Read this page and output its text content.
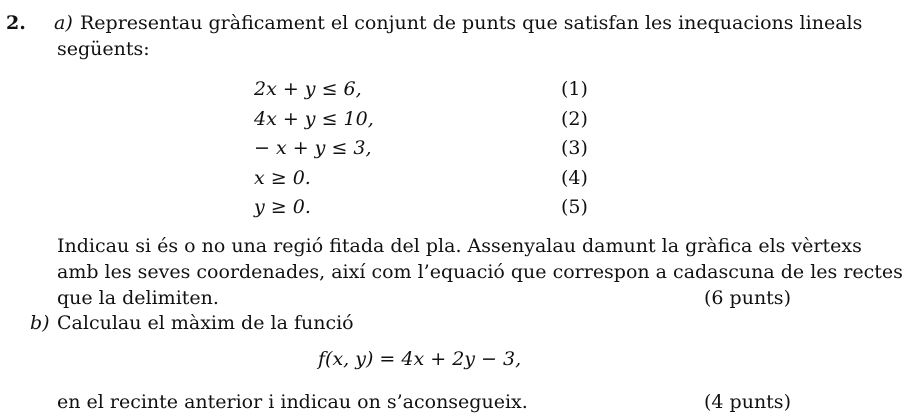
2. a) Representau gràficament el conjunt de punts que satisfan les inequacions lineals
següents:
2x + y ≤ 6,	(1)
4x + y ≤ 10,	(2)
− x + y ≤ 3,	(3)
x ≥ 0.	(4)
y ≥ 0.	(5)
Indicau si és o no una regió fitada del pla. Assenyalau damunt la gràfica els vèrtexs
amb les seves coordenades, així com l’equació que correspon a cadascuna de les rectes
que la delimiten.	(6 punts)
b) Calculau el màxim de la funció
f(x, y) = 4x + 2y − 3,
en el recinte anterior i indicau on s’aconsegueix.	(4 punts)
